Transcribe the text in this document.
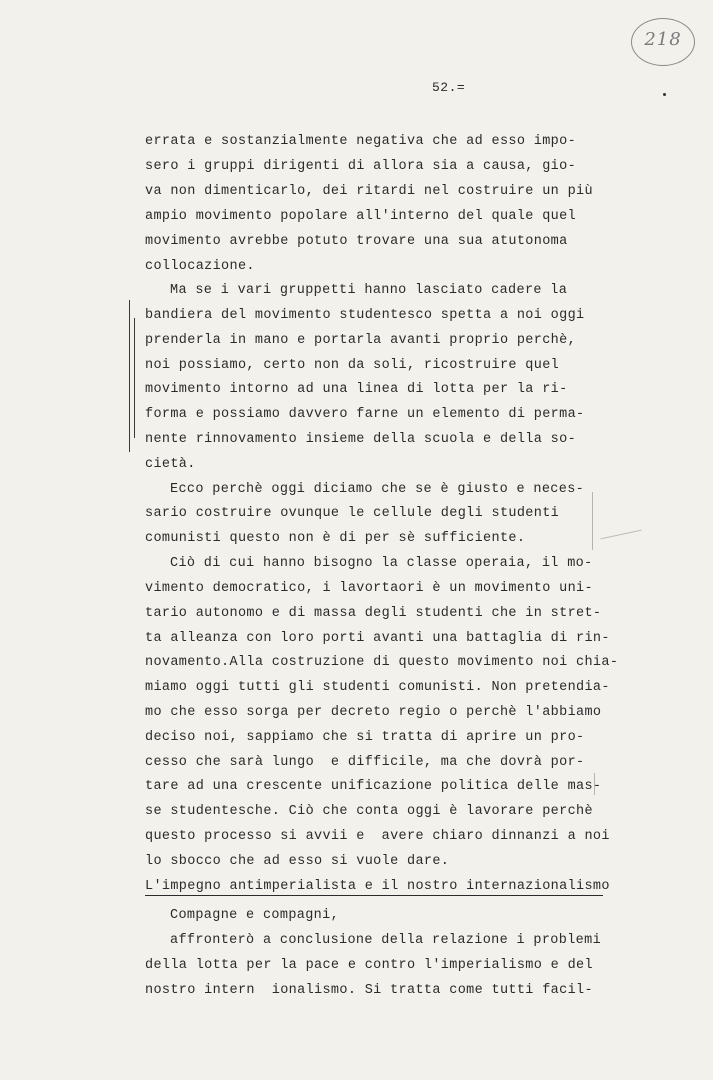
218
52.=
errata e sostanzialmente negativa che ad esso impo-
sero i gruppi dirigenti di allora sia a causa, gio-
va non dimenticarlo, dei ritardi nel costruire un più
ampio movimento popolare all'interno del quale quel
movimento avrebbe potuto trovare una sua atutonoma
collocazione.
Ma se i vari gruppetti hanno lasciato cadere la
bandiera del movimento studentesco spetta a noi oggi
prenderla in mano e portarla avanti proprio perchè,
noi possiamo, certo non da soli, ricostruire quel
movimento intorno ad una linea di lotta per la ri-
forma e possiamo davvero farne un elemento di perma-
nente rinnovamento insieme della scuola e della so-
cietà.
Ecco perchè oggi diciamo che se è giusto e neces-
sario costruire ovunque le cellule degli studenti
comunisti questo non è di per sè sufficiente.
Ciò di cui hanno bisogno la classe operaia, il mo-
vimento democratico, i lavortaori è un movimento uni-
tario autonomo e di massa degli studenti che in stret-
ta alleanza con loro porti avanti una battaglia di rin-
novamento.Alla costruzione di questo movimento noi chia-
miamo oggi tutti gli studenti comunisti. Non pretendia-
mo che esso sorga per decreto regio o perchè l'abbiamo
deciso noi, sappiamo che si tratta di aprire un pro-
cesso che sarà lungo  e difficile, ma che dovrà por-
tare ad una crescente unificazione politica delle mas-
se studentesche. Ciò che conta oggi è lavorare perchè
questo processo si avvii e  avere chiaro dinnanzi a noi
lo sbocco che ad esso si vuole dare.
L'impegno antimperialista e il nostro internazionalismo
Compagne e compagni,
affronterò a conclusione della relazione i problemi
della lotta per la pace e contro l'imperialismo e del
nostro intern  ionalismo. Si tratta come tutti facil-
